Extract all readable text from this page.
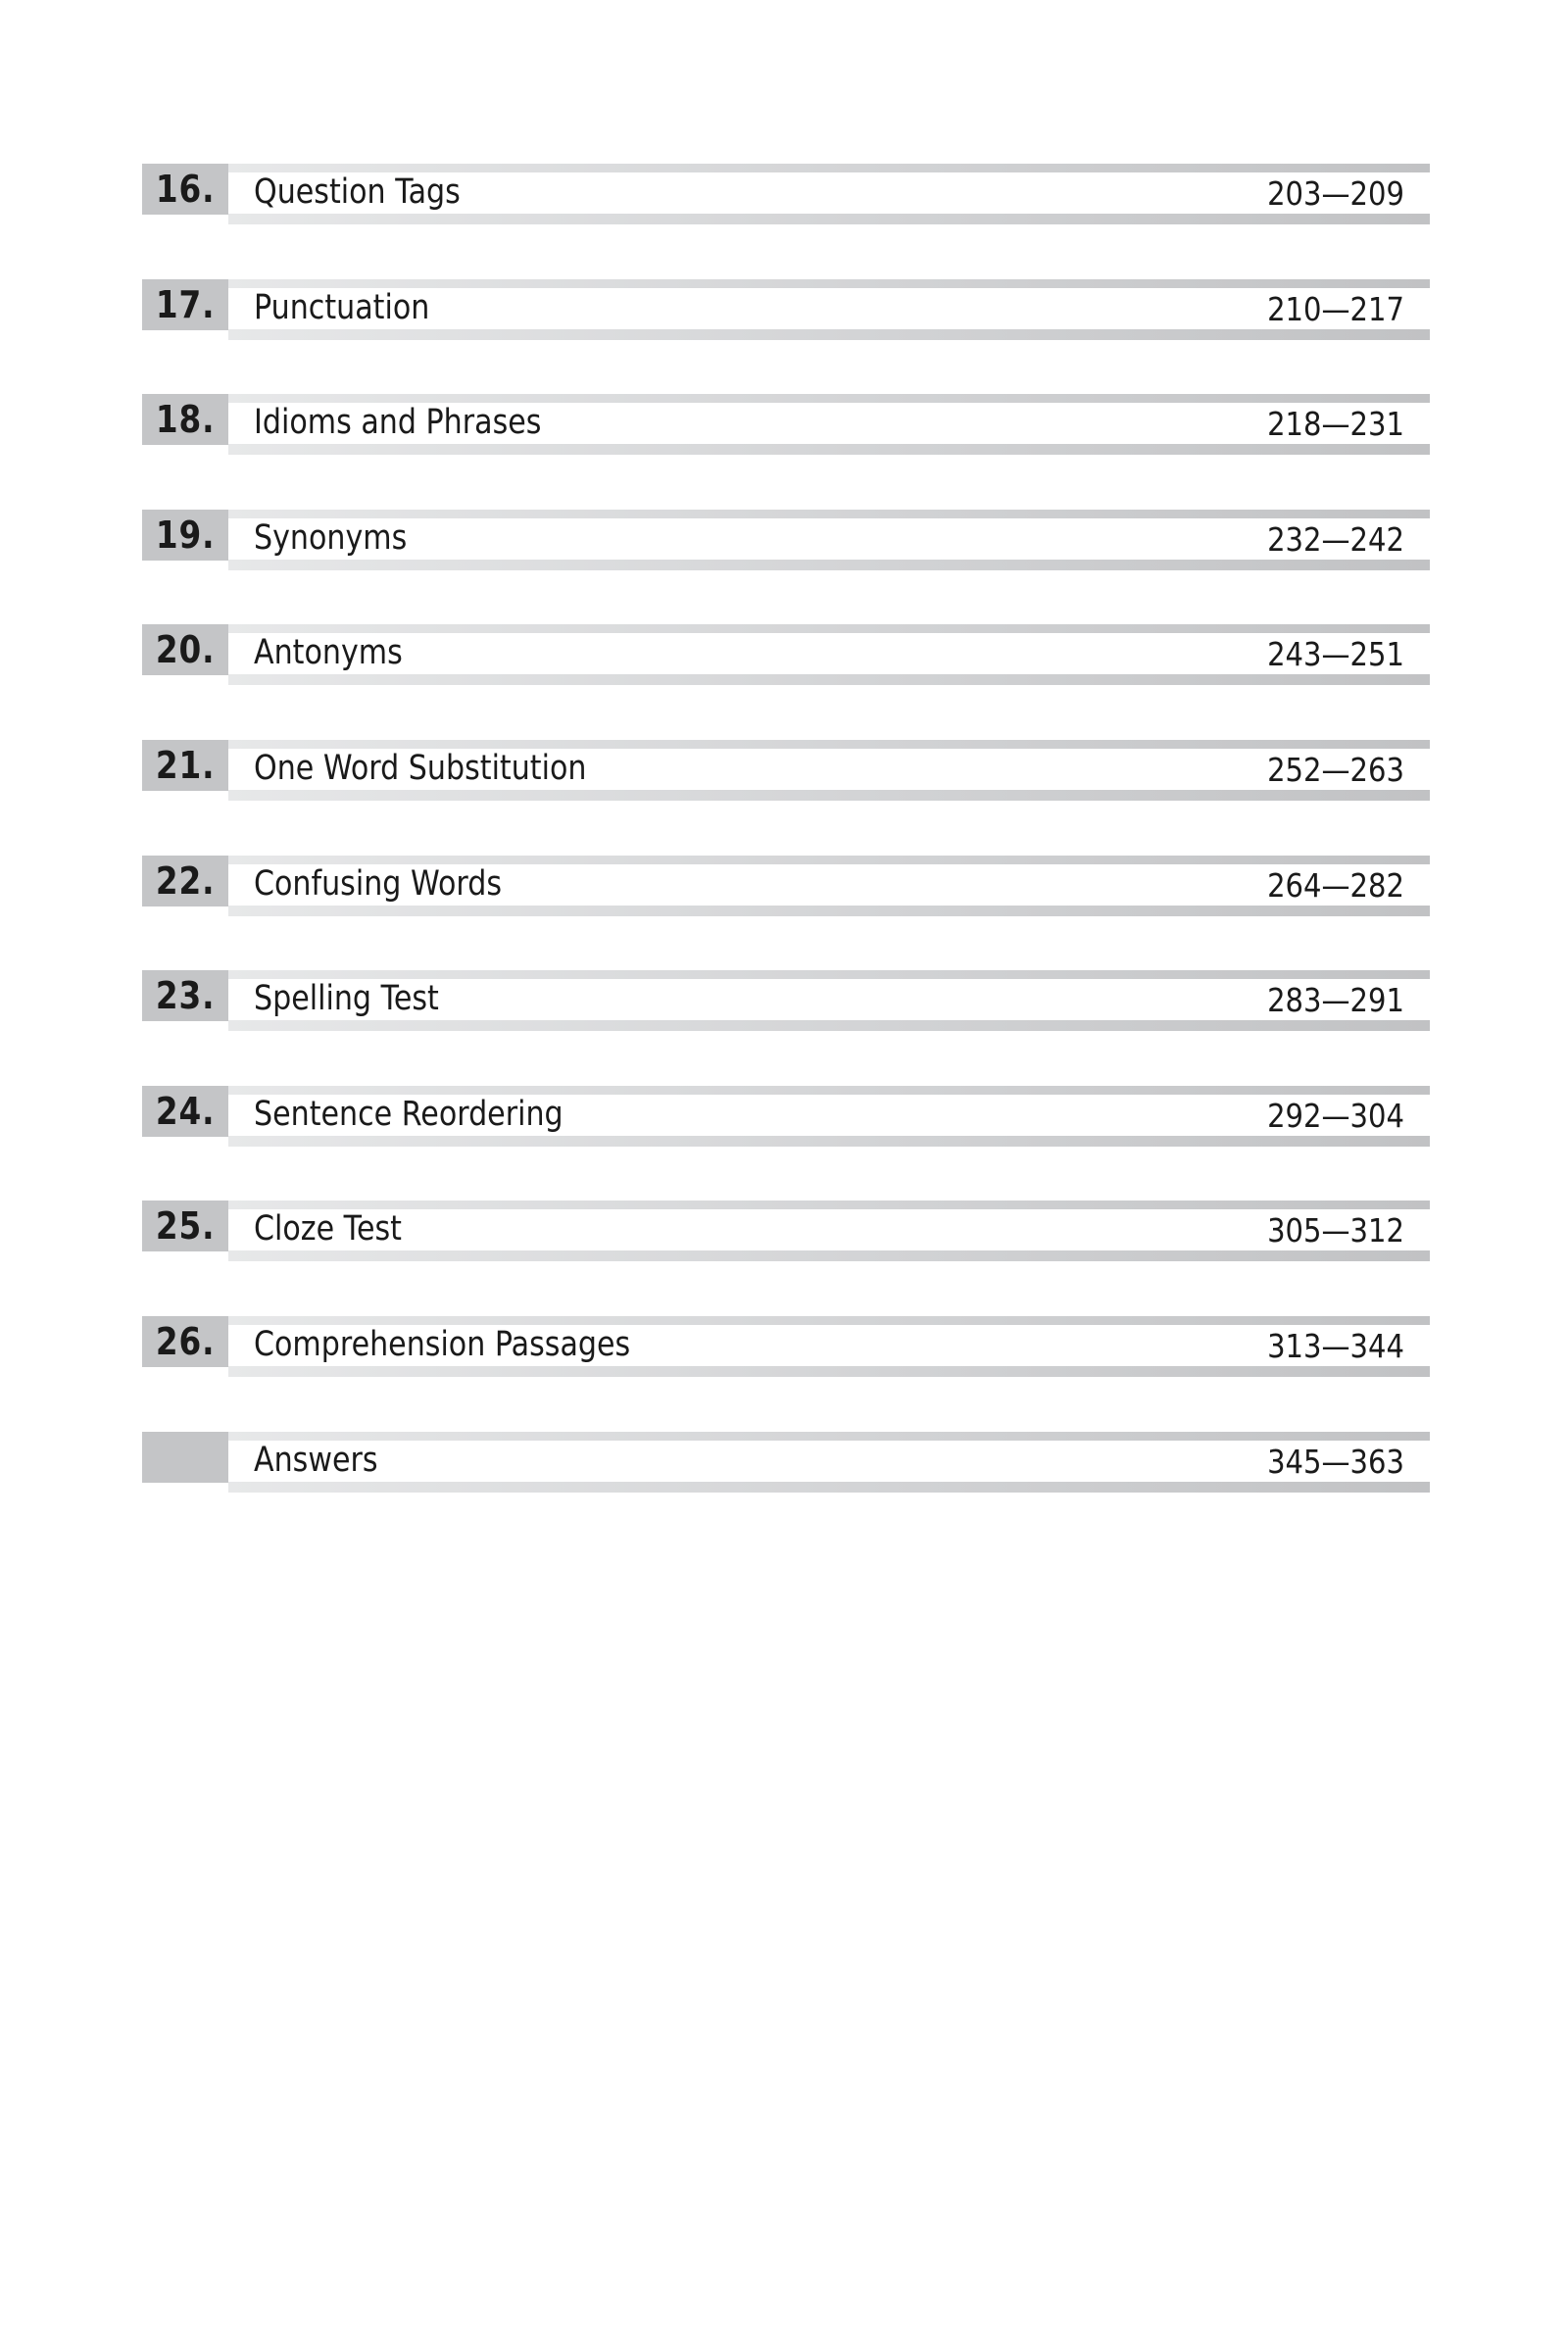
16. Question Tags	203—209
17. Punctuation	210—217
18. Idioms and Phrases	218—231
19. Synonyms	232—242
20. Antonyms	243—251
21. One Word Substitution	252—263
22. Confusing Words	264—282
23. Spelling Test	283—291
24. Sentence Reordering	292—304
25. Cloze Test	305—312
26. Comprehension Passages	313—344
Answers	345—363
